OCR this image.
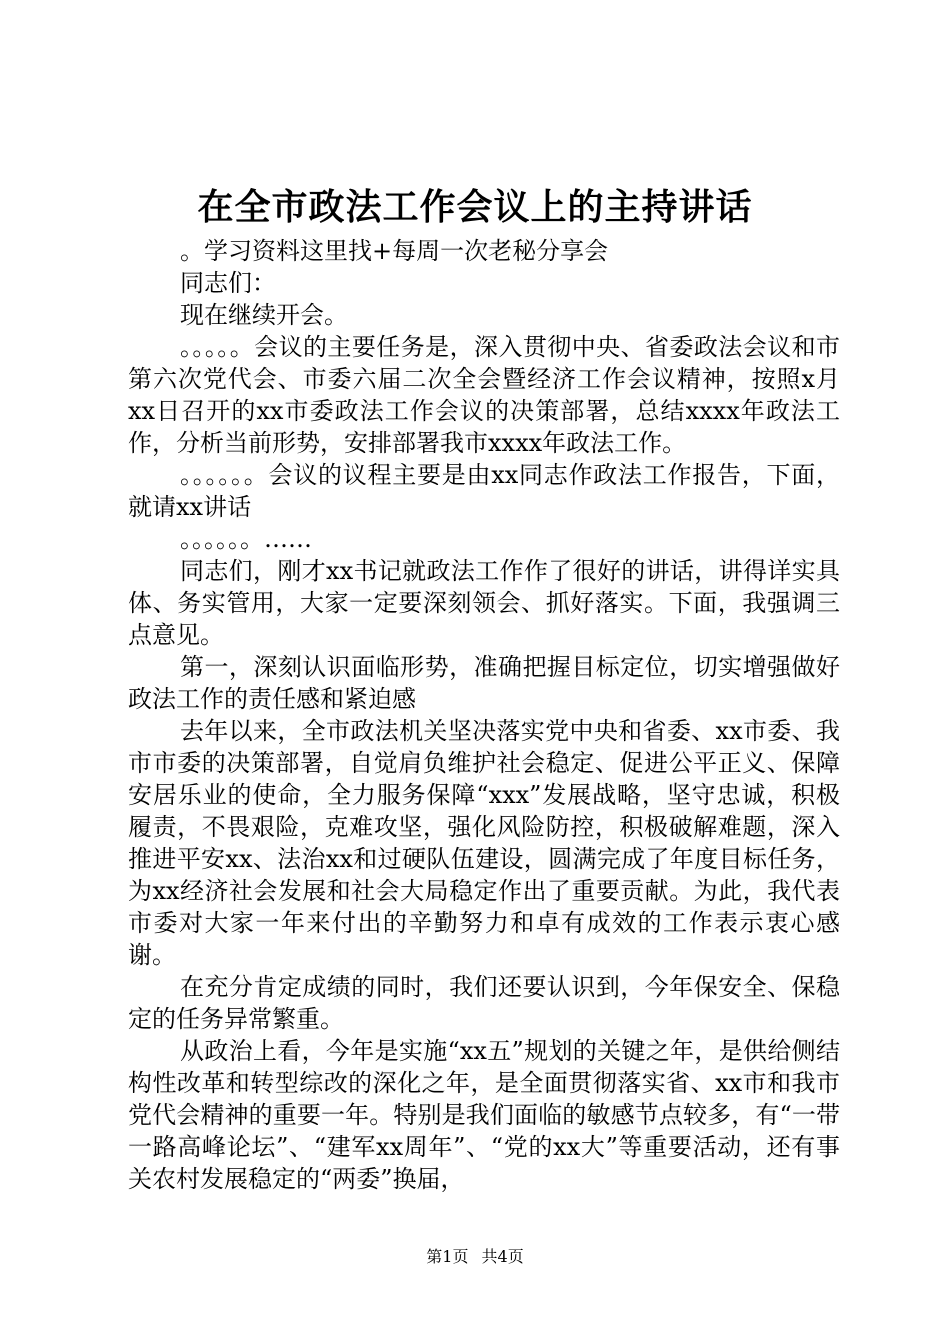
在全市政法工作会议上的主持讲话

。学习资料这里找+每周一次老秘分享会

同志们：

现在继续开会。

。。。。。会议的主要任务是，深入贯彻中央、省委政法会议和市第六次党代会、市委六届二次全会暨经济工作会议精神，按照x月xx日召开的xx市委政法工作会议的决策部署，总结xxxx年政法工作，分析当前形势，安排部署我市xxxx年政法工作。

。。。。。。会议的议程主要是由xx同志作政法工作报告，下面，就请xx讲话

。。。。。。……

同志们，刚才xx书记就政法工作作了很好的讲话，讲得详实具体、务实管用，大家一定要深刻领会、抓好落实。下面，我强调三点意见。

第一，深刻认识面临形势，准确把握目标定位，切实增强做好政法工作的责任感和紧迫感

去年以来，全市政法机关坚决落实党中央和省委、xx市委、我市市委的决策部署，自觉肩负维护社会稳定、促进公平正义、保障安居乐业的使命，全力服务保障“xxx”发展战略，坚守忠诚，积极履责，不畏艰险，克难攻坚，强化风险防控，积极破解难题，深入推进平安xx、法治xx和过硬队伍建设，圆满完成了年度目标任务，为xx经济社会发展和社会大局稳定作出了重要贡献。为此，我代表市委对大家一年来付出的辛勤努力和卓有成效的工作表示衷心感谢。

在充分肯定成绩的同时，我们还要认识到，今年保安全、保稳定的任务异常繁重。

从政治上看，今年是实施“xx五”规划的关键之年，是供给侧结构性改革和转型综改的深化之年，是全面贯彻落实省、xx市和我市党代会精神的重要一年。特别是我们面临的敏感节点较多，有“一带一路高峰论坛”、“建军xx周年”、“党的xx大”等重要活动，还有事关农村发展稳定的“两委”换届，

第1页 共4页
